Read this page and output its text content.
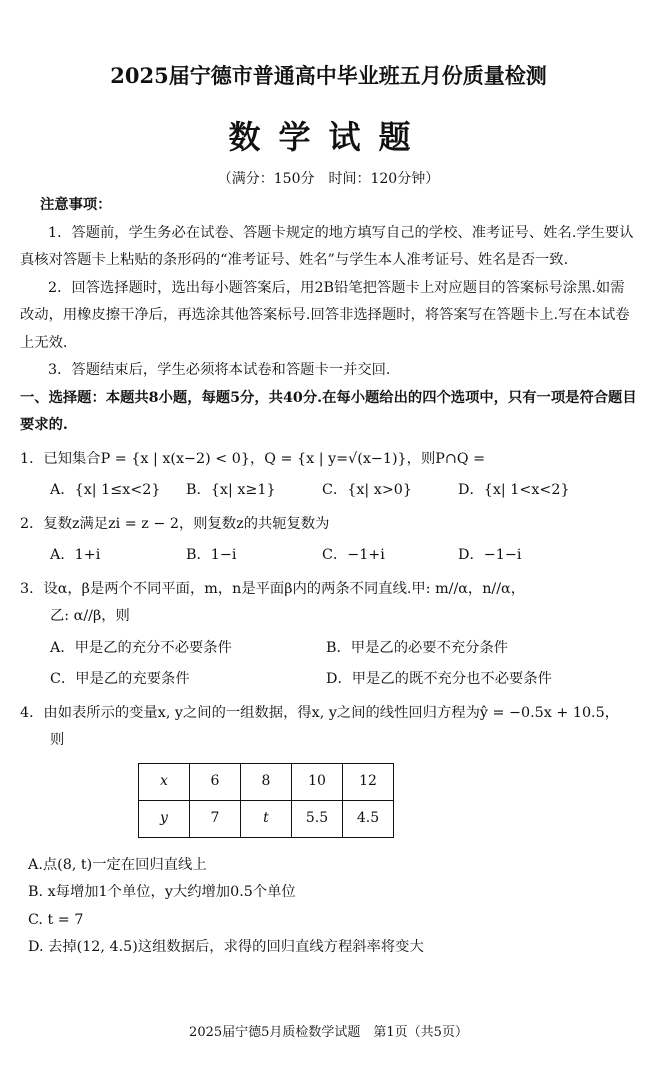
2025届宁德市普通高中毕业班五月份质量检测
数学试题
（满分：150分　时间：120分钟）
注意事项：
1．答题前，学生务必在试卷、答题卡规定的地方填写自己的学校、准考证号、姓名.学生要认真核对答题卡上粘贴的条形码的“准考证号、姓名”与学生本人准考证号、姓名是否一致.
2．回答选择题时，选出每小题答案后，用2B铅笔把答题卡上对应题目的答案标号涂黑.如需改动，用橡皮擦干净后，再选涂其他答案标号.回答非选择题时，将答案写在答题卡上.写在本试卷上无效.
3．答题结束后，学生必须将本试卷和答题卡一并交回.
一、选择题：本题共8小题，每题5分，共40分.在每小题给出的四个选项中，只有一项是符合题目要求的.
1．已知集合P = {x | x(x−2) < 0}，Q = {x | y=√(x−1)}，则P∩Q =
A．{x| 1≤x<2}	B．{x| x≥1}	C．{x| x>0}	D．{x| 1<x<2}
2．复数z满足zi = z − 2，则复数z的共轭复数为
A．1+i	B．1−i	C．−1+i	D．−1−i
3．设α，β是两个不同平面，m，n是平面β内的两条不同直线.甲: m//α，n//α，
乙: α//β，则
A．甲是乙的充分不必要条件	B．甲是乙的必要不充分条件
C．甲是乙的充要条件	D．甲是乙的既不充分也不必要条件
4．由如表所示的变量x, y之间的一组数据，得x, y之间的线性回归方程为ŷ = −0.5x + 10.5，
则
x	6	8	10	12
y	7	t	5.5	4.5
A.点(8, t)一定在回归直线上
B. x每增加1个单位，y大约增加0.5个单位
C. t = 7
D. 去掉(12, 4.5)这组数据后，求得的回归直线方程斜率将变大
2025届宁德5月质检数学试题　第1页（共5页）
